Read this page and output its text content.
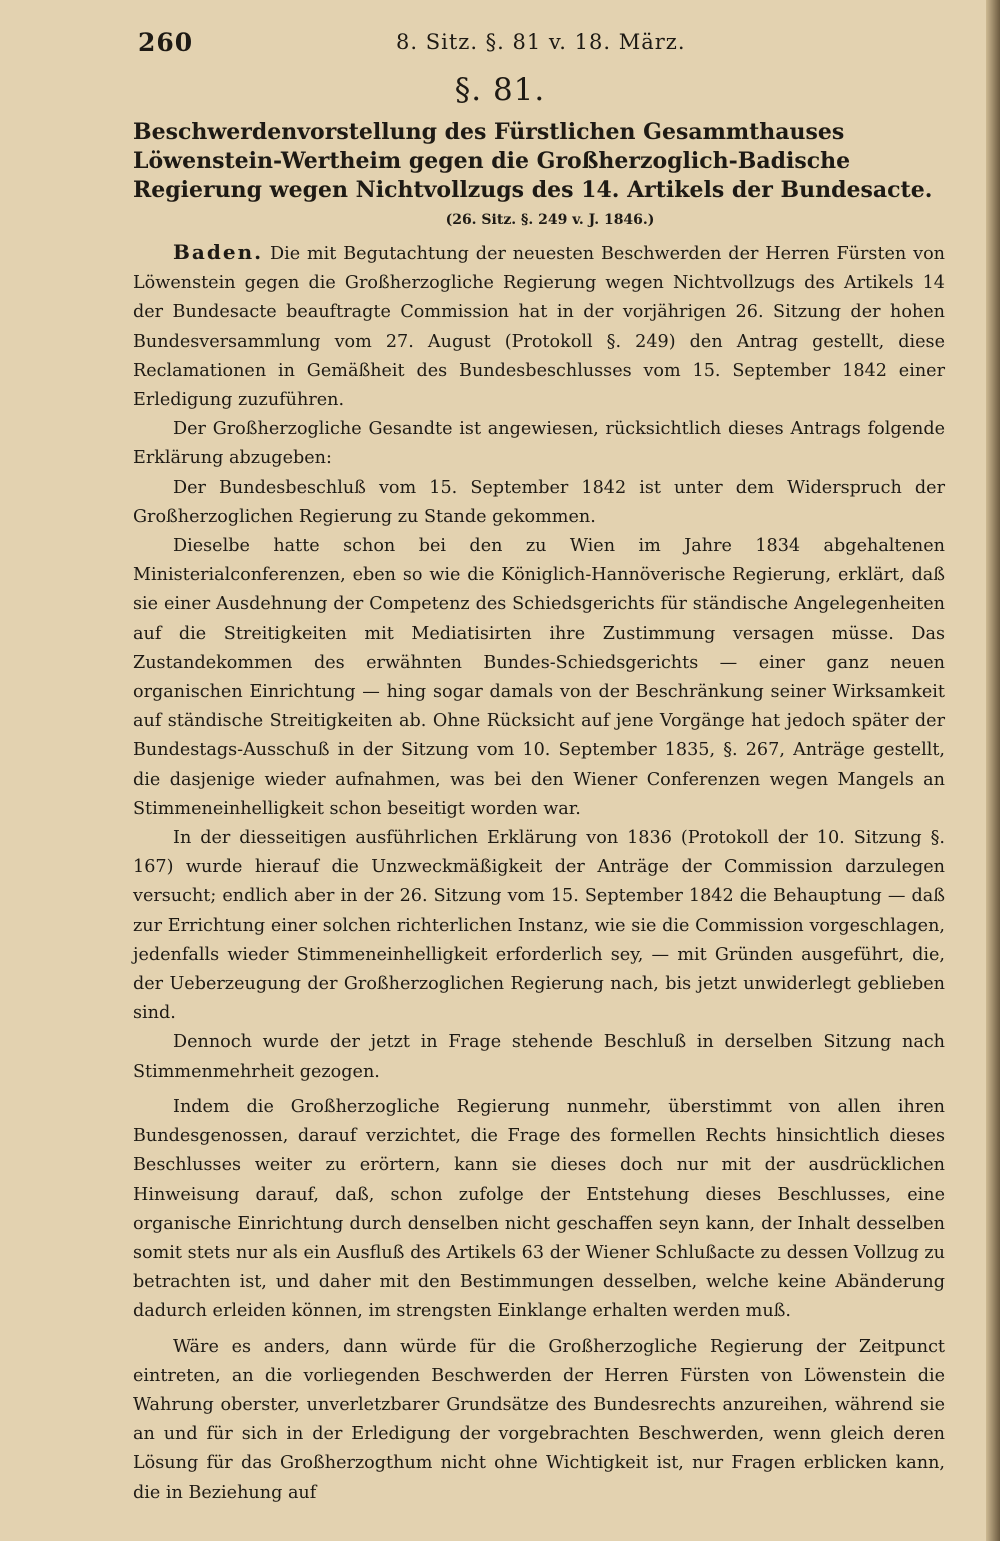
260	8. Sitz. §. 81 v. 18. März.
§. 81.
Beschwerdenvorstellung des Fürstlichen Gesammthauses Löwenstein-Wertheim gegen die Großherzoglich-Badische Regierung wegen Nichtvollzugs des 14. Artikels der Bundesacte.
(26. Sitz. §. 249 v. J. 1846.)

Baden. Die mit Begutachtung der neuesten Beschwerden der Herren Fürsten von Löwenstein gegen die Großherzogliche Regierung wegen Nichtvollzugs des Artikels 14 der Bundesacte beauftragte Commission hat in der vorjährigen 26. Sitzung der hohen Bundesversammlung vom 27. August (Protokoll §. 249) den Antrag gestellt, diese Reclamationen in Gemäßheit des Bundesbeschlusses vom 15. September 1842 einer Erledigung zuzuführen.

Der Großherzogliche Gesandte ist angewiesen, rücksichtlich dieses Antrags folgende Erklärung abzugeben:

Der Bundesbeschluß vom 15. September 1842 ist unter dem Widerspruch der Großherzoglichen Regierung zu Stande gekommen.

Dieselbe hatte schon bei den zu Wien im Jahre 1834 abgehaltenen Ministerialconferenzen, eben so wie die Königlich-Hannöverische Regierung, erklärt, daß sie einer Ausdehnung der Competenz des Schiedsgerichts für ständische Angelegenheiten auf die Streitigkeiten mit Mediatisirten ihre Zustimmung versagen müsse. Das Zustandekommen des erwähnten Bundes-Schiedsgerichts — einer ganz neuen organischen Einrichtung — hing sogar damals von der Beschränkung seiner Wirksamkeit auf ständische Streitigkeiten ab. Ohne Rücksicht auf jene Vorgänge hat jedoch später der Bundestags-Ausschuß in der Sitzung vom 10. September 1835, §. 267, Anträge gestellt, die dasjenige wieder aufnahmen, was bei den Wiener Conferenzen wegen Mangels an Stimmeneinhelligkeit schon beseitigt worden war.

In der diesseitigen ausführlichen Erklärung von 1836 (Protokoll der 10. Sitzung §. 167) wurde hierauf die Unzweckmäßigkeit der Anträge der Commission darzulegen versucht; endlich aber in der 26. Sitzung vom 15. September 1842 die Behauptung — daß zur Errichtung einer solchen richterlichen Instanz, wie sie die Commission vorgeschlagen, jedenfalls wieder Stimmeneinhelligkeit erforderlich sey, — mit Gründen ausgeführt, die, der Ueberzeugung der Großherzoglichen Regierung nach, bis jetzt unwiderlegt geblieben sind.

Dennoch wurde der jetzt in Frage stehende Beschluß in derselben Sitzung nach Stimmenmehrheit gezogen.

Indem die Großherzogliche Regierung nunmehr, überstimmt von allen ihren Bundesgenossen, darauf verzichtet, die Frage des formellen Rechts hinsichtlich dieses Beschlusses weiter zu erörtern, kann sie dieses doch nur mit der ausdrücklichen Hinweisung darauf, daß, schon zufolge der Entstehung dieses Beschlusses, eine organische Einrichtung durch denselben nicht geschaffen seyn kann, der Inhalt desselben somit stets nur als ein Ausfluß des Artikels 63 der Wiener Schlußacte zu dessen Vollzug zu betrachten ist, und daher mit den Bestimmungen desselben, welche keine Abänderung dadurch erleiden können, im strengsten Einklange erhalten werden muß.

Wäre es anders, dann würde für die Großherzogliche Regierung der Zeitpunct eintreten, an die vorliegenden Beschwerden der Herren Fürsten von Löwenstein die Wahrung oberster, unverletzbarer Grundsätze des Bundesrechts anzureihen, während sie an und für sich in der Erledigung der vorgebrachten Beschwerden, wenn gleich deren Lösung für das Großherzogthum nicht ohne Wichtigkeit ist, nur Fragen erblicken kann, die in Beziehung auf
